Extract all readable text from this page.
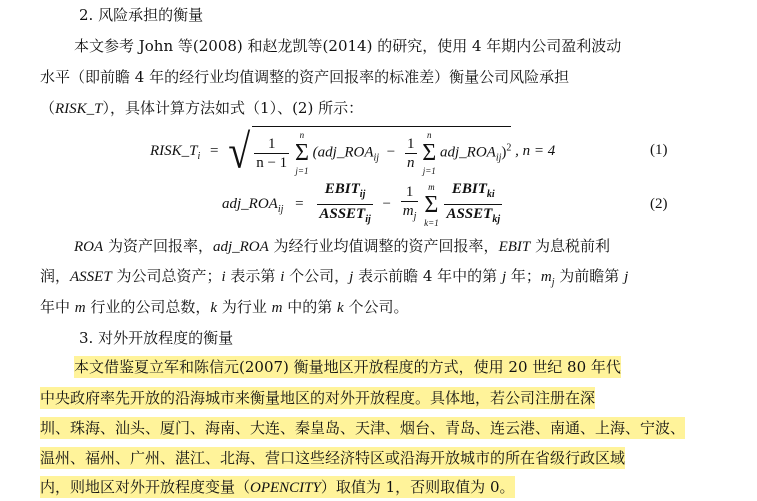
2. 风险承担的衡量
本文参考 John 等(2008) 和赵龙凯等(2014) 的研究，使用 4 年期内公司盈利波动
水平（即前瞻 4 年的经行业均值调整的资产回报率的标准差）衡量公司风险承担
（RISK_T），具体计算方法如式（1）、(2) 所示：
$RISK\_T_i$ = √ $\frac{1}{n - 1}$
	n
Σ
j=1
($adj\_ROA_{ij} - \frac{1}{n}$
	n
Σ
j=1
$adj\_ROA_{ij})^2$ , n = 4	(1)
$adj\_ROA_{ij} = \frac{EBIT_{ij}}{ASSET_{ij}} - \frac{1}{m_j}$
	m
Σ
k=1
$\frac{EBIT_{ki}}{ASSET_{kj}}$	(2)
ROA 为资产回报率，adj_ROA 为经行业均值调整的资产回报率，EBIT 为息税前利
润，ASSET 为公司总资产；i 表示第 i 个公司，j 表示前瞻 4 年中的第 j 年；$m_j$ 为前瞻第 j
年中 m 行业的公司总数，k 为行业 m 中的第 k 个公司。
3. 对外开放程度的衡量
本文借鉴夏立军和陈信元(2007) 衡量地区开放程度的方式，使用 20 世纪 80 年代
中央政府率先开放的沿海城市来衡量地区的对外开放程度。具体地，若公司注册在深
圳、珠海、汕头、厦门、海南、大连、秦皇岛、天津、烟台、青岛、连云港、南通、上海、宁波、
温州、福州、广州、湛江、北海、营口这些经济特区或沿海开放城市的所在省级行政区域
内，则地区对外开放程度变量（OPENCITY）取值为 1，否则取值为 0。
